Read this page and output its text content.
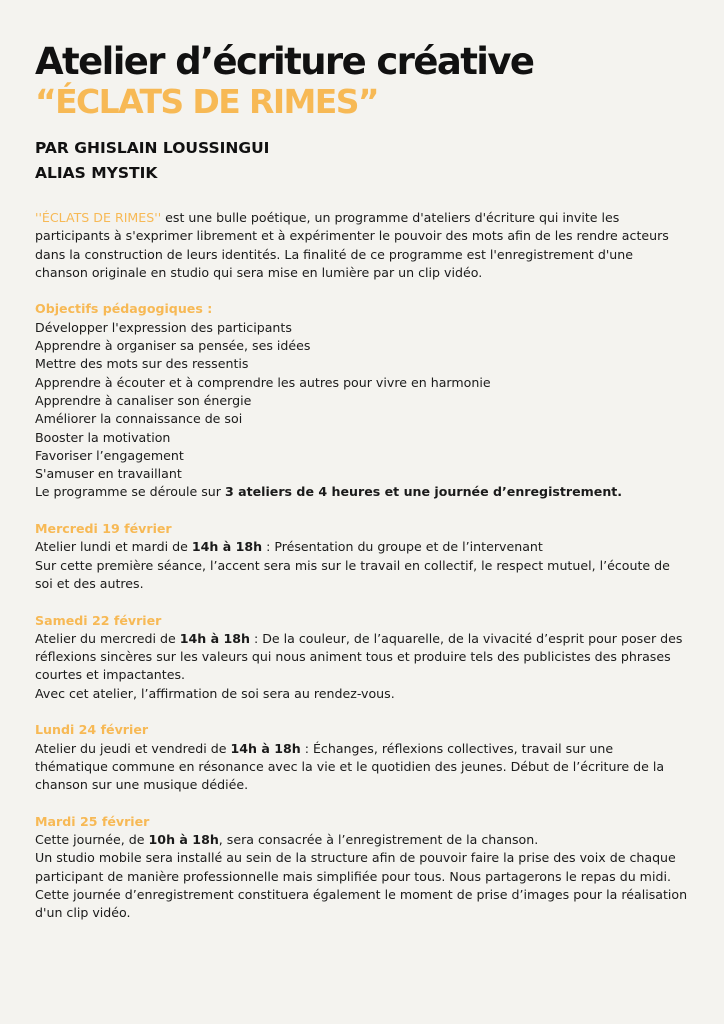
Atelier d’écriture créative
“ÉCLATS DE RIMES”

PAR GHISLAIN LOUSSINGUI

ALIAS MYSTIK

''ÉCLATS DE RIMES'' est une bulle poétique, un programme d'ateliers d'écriture qui invite les participants à s'exprimer librement et à expérimenter le pouvoir des mots afin de les rendre acteurs dans la construction de leurs identités. La finalité de ce programme est l'enregistrement d'une chanson originale en studio qui sera mise en lumière par un clip vidéo.

Objectifs pédagogiques :

Développer l'expression des participants

Apprendre à organiser sa pensée, ses idées

Mettre des mots sur des ressentis

Apprendre à écouter et à comprendre les autres pour vivre en harmonie

Apprendre à canaliser son énergie

Améliorer la connaissance de soi

Booster la motivation

Favoriser l’engagement

S'amuser en travaillant

Le programme se déroule sur 3 ateliers de 4 heures et une journée d’enregistrement.

Mercredi 19 février

Atelier lundi et mardi de 14h à 18h : Présentation du groupe et de l’intervenant

Sur cette première séance, l’accent sera mis sur le travail en collectif, le respect mutuel, l’écoute de soi et des autres.

Samedi 22 février

Atelier du mercredi de 14h à 18h : De la couleur, de l’aquarelle, de la vivacité d’esprit pour poser des réflexions sincères sur les valeurs qui nous animent tous et produire tels des publicistes des phrases courtes et impactantes.

Avec cet atelier, l’affirmation de soi sera au rendez-vous.

Lundi 24 février

Atelier du jeudi et vendredi de 14h à 18h : Échanges, réflexions collectives, travail sur une thématique commune en résonance avec la vie et le quotidien des jeunes. Début de l’écriture de la chanson sur une musique dédiée.

Mardi 25 février

Cette journée, de 10h à 18h, sera consacrée à l’enregistrement de la chanson.

Un studio mobile sera installé au sein de la structure afin de pouvoir faire la prise des voix de chaque participant de manière professionnelle mais simplifiée pour tous. Nous partagerons le repas du midi.

Cette journée d’enregistrement constituera également le moment de prise d’images pour la réalisation d'un clip vidéo.
